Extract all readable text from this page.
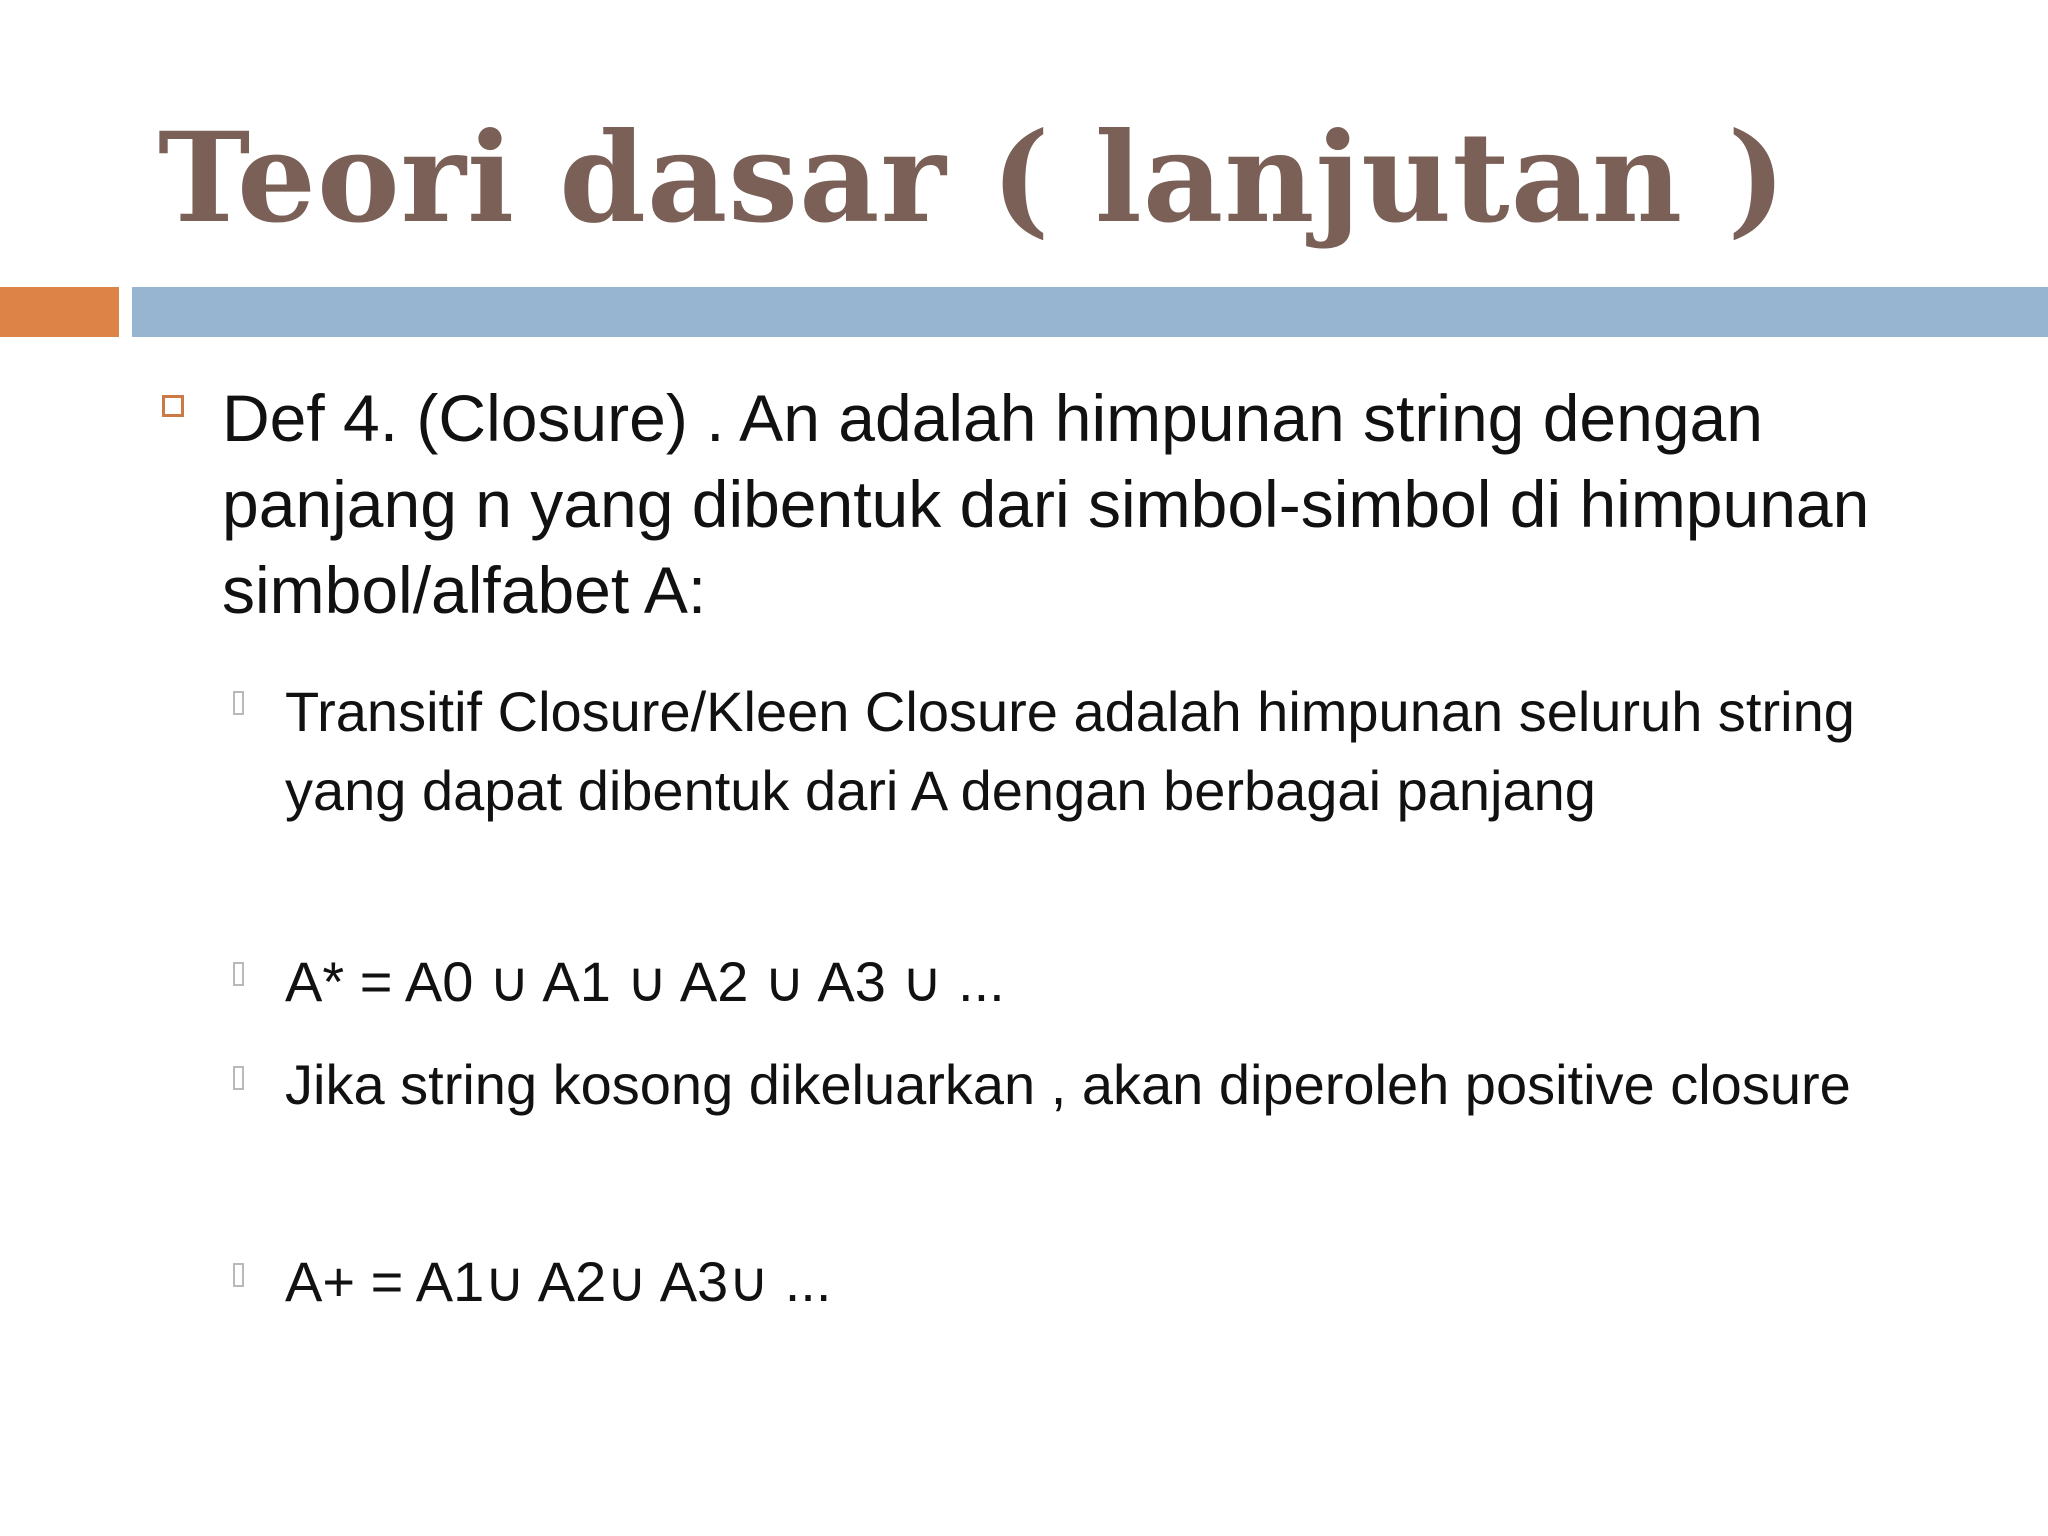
Teori dasar ( lanjutan )

Def 4. (Closure) . An adalah himpunan string dengan panjang n yang dibentuk dari simbol-simbol di himpunan simbol/alfabet A:

Transitif Closure/Kleen Closure adalah himpunan seluruh string yang dapat dibentuk dari A dengan berbagai panjang

A* = A0 ∪ A1 ∪ A2 ∪ A3 ∪ ...

Jika string kosong dikeluarkan , akan diperoleh positive closure

A+ = A1∪ A2∪ A3∪ ...
